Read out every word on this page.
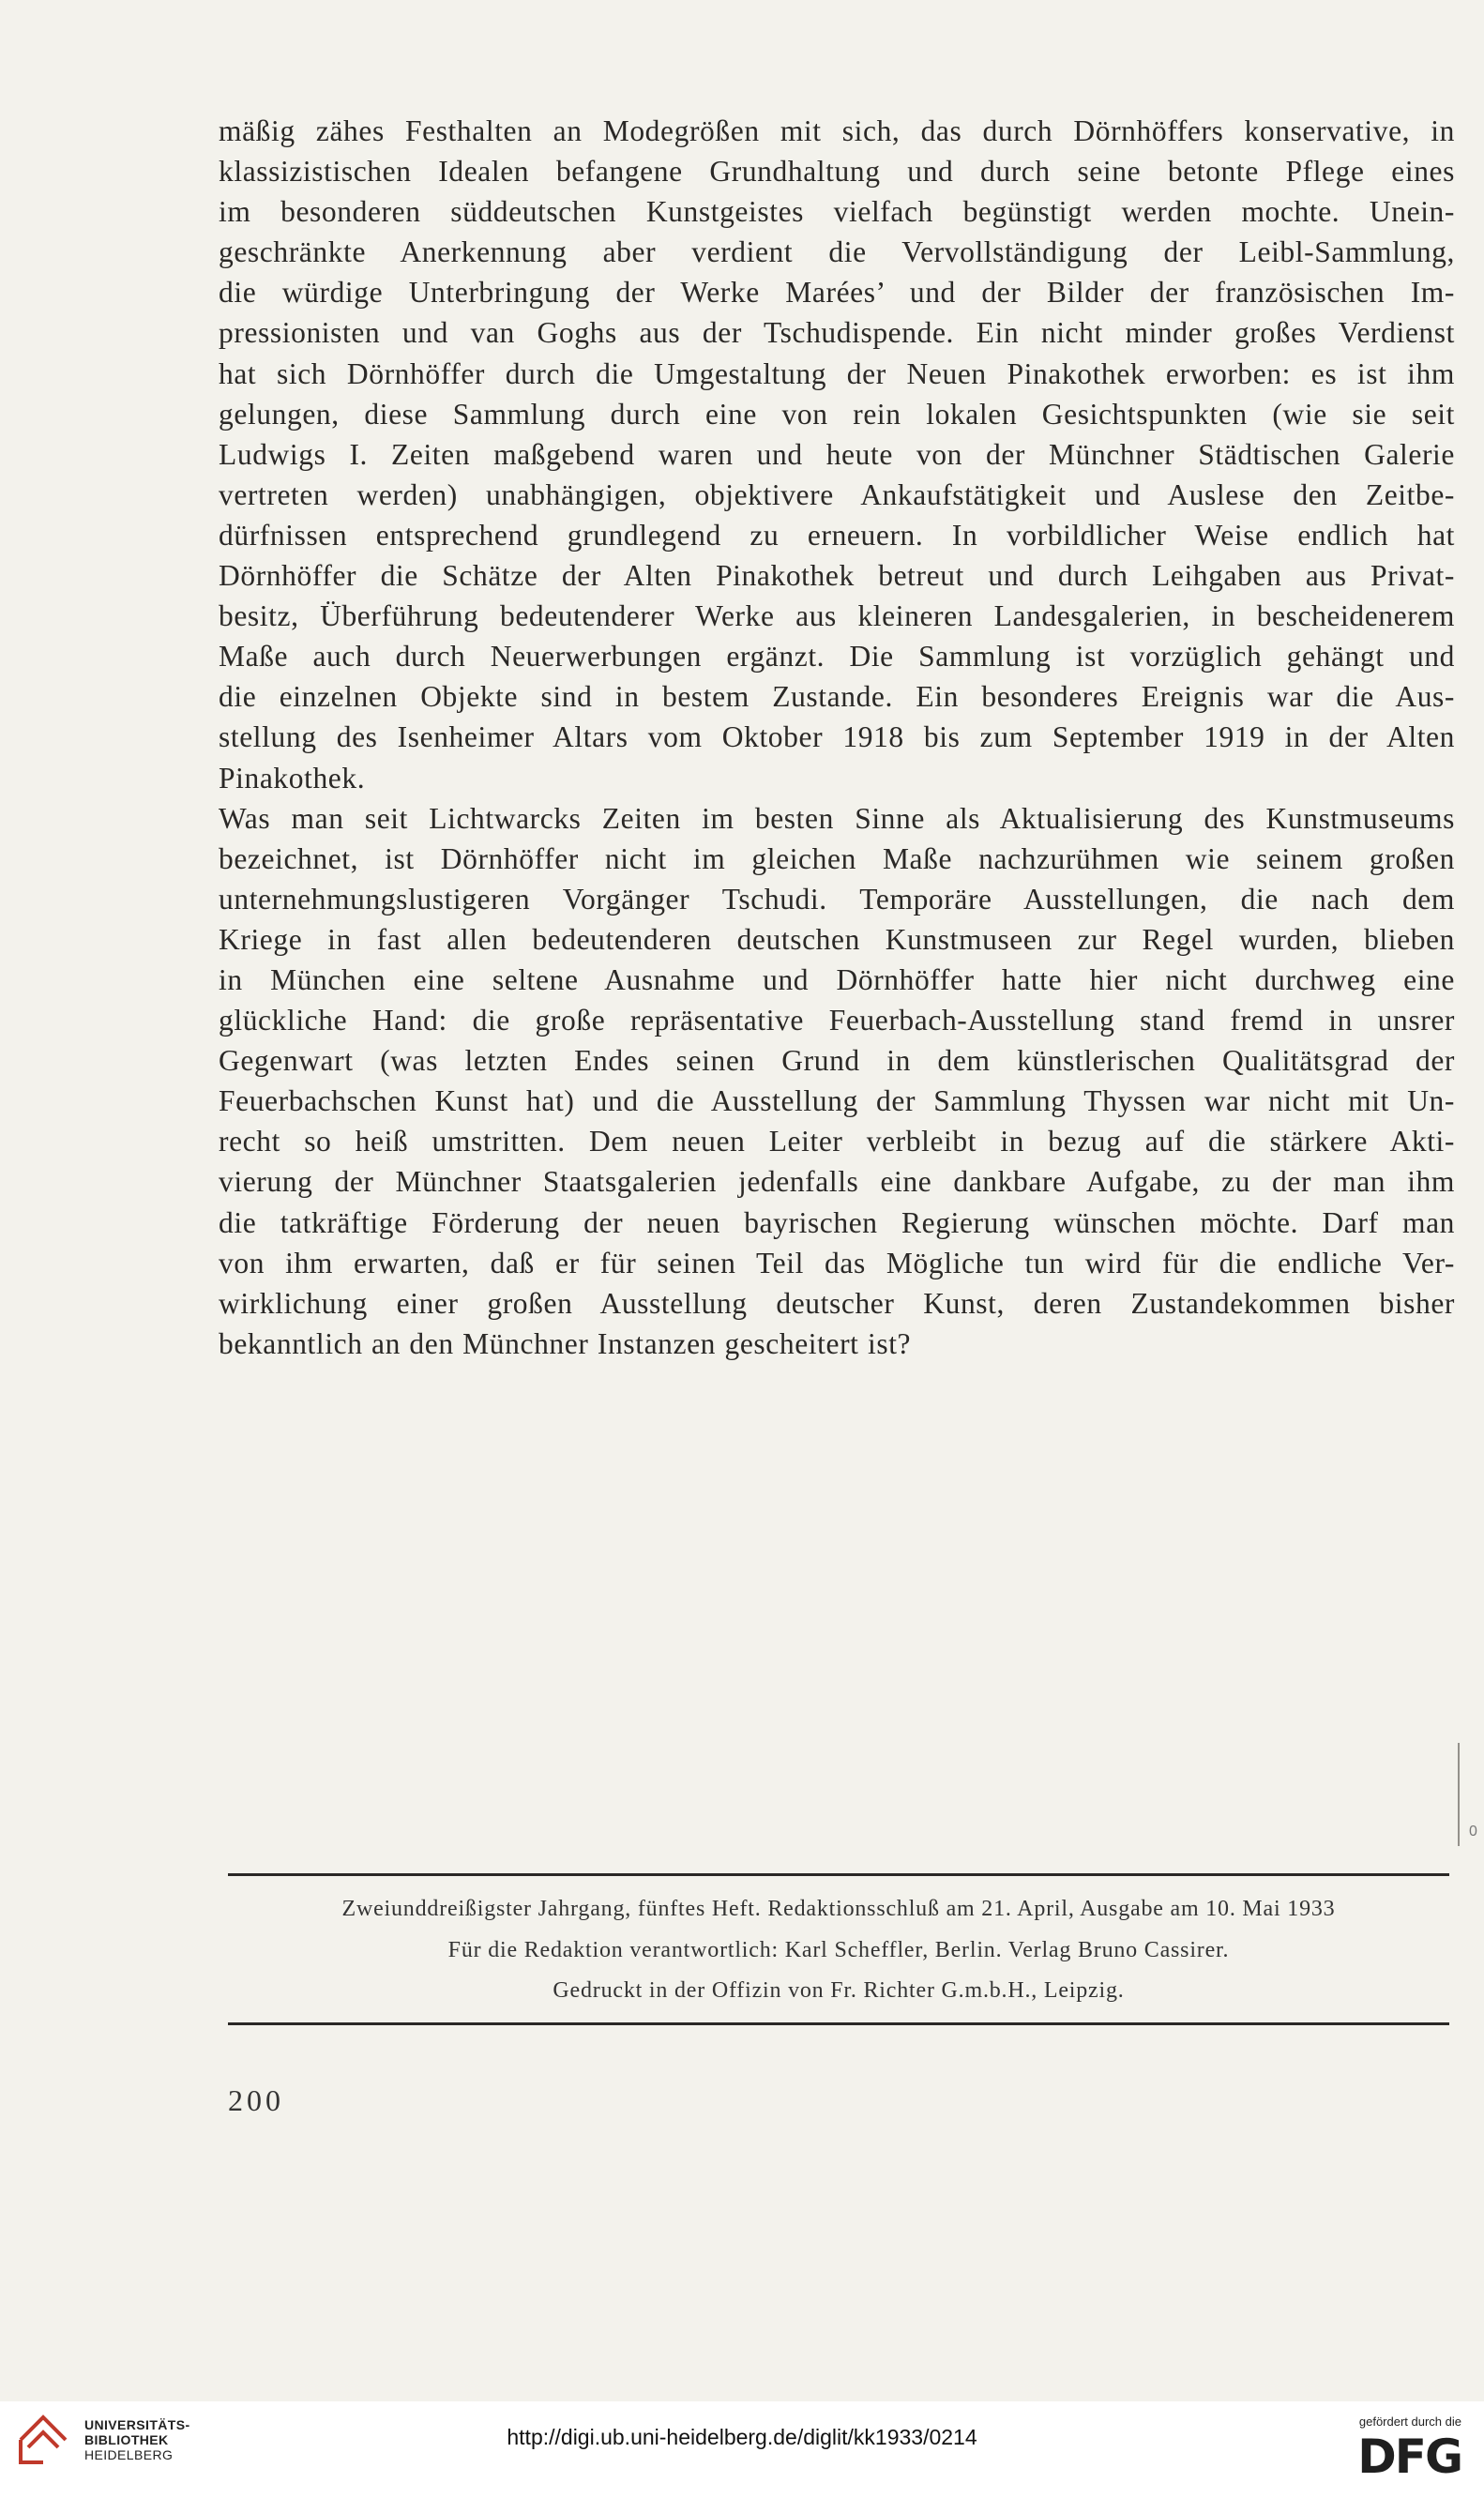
mäßig zähes Festhalten an Modegrößen mit sich, das durch Dörnhöffers konservative, in
klassizistischen Idealen befangene Grundhaltung und durch seine betonte Pflege eines
im besonderen süddeutschen Kunstgeistes vielfach begünstigt werden mochte. Unein-
geschränkte Anerkennung aber verdient die Vervollständigung der Leibl-Sammlung,
die würdige Unterbringung der Werke Marées’ und der Bilder der französischen Im-
pressionisten und van Goghs aus der Tschudispende. Ein nicht minder großes Verdienst
hat sich Dörnhöffer durch die Umgestaltung der Neuen Pinakothek erworben: es ist ihm
gelungen, diese Sammlung durch eine von rein lokalen Gesichtspunkten (wie sie seit
Ludwigs I. Zeiten maßgebend waren und heute von der Münchner Städtischen Galerie
vertreten werden) unabhängigen, objektivere Ankaufstätigkeit und Auslese den Zeitbe-
dürfnissen entsprechend grundlegend zu erneuern. In vorbildlicher Weise endlich hat
Dörnhöffer die Schätze der Alten Pinakothek betreut und durch Leihgaben aus Privat-
besitz, Überführung bedeutenderer Werke aus kleineren Landesgalerien, in bescheidenerem
Maße auch durch Neuerwerbungen ergänzt. Die Sammlung ist vorzüglich gehängt und
die einzelnen Objekte sind in bestem Zustande. Ein besonderes Ereignis war die Aus-
stellung des Isenheimer Altars vom Oktober 1918 bis zum September 1919 in der Alten
Pinakothek.
Was man seit Lichtwarcks Zeiten im besten Sinne als Aktualisierung des Kunstmuseums
bezeichnet, ist Dörnhöffer nicht im gleichen Maße nachzurühmen wie seinem großen
unternehmungslustigeren Vorgänger Tschudi. Temporäre Ausstellungen, die nach dem
Kriege in fast allen bedeutenderen deutschen Kunstmuseen zur Regel wurden, blieben
in München eine seltene Ausnahme und Dörnhöffer hatte hier nicht durchweg eine
glückliche Hand: die große repräsentative Feuerbach-Ausstellung stand fremd in unsrer
Gegenwart (was letzten Endes seinen Grund in dem künstlerischen Qualitätsgrad der
Feuerbachschen Kunst hat) und die Ausstellung der Sammlung Thyssen war nicht mit Un-
recht so heiß umstritten. Dem neuen Leiter verbleibt in bezug auf die stärkere Akti-
vierung der Münchner Staatsgalerien jedenfalls eine dankbare Aufgabe, zu der man ihm
die tatkräftige Förderung der neuen bayrischen Regierung wünschen möchte. Darf man
von ihm erwarten, daß er für seinen Teil das Mögliche tun wird für die endliche Ver-
wirklichung einer großen Ausstellung deutscher Kunst, deren Zustandekommen bisher
bekanntlich an den Münchner Instanzen gescheitert ist?
0
Zweiunddreißigster Jahrgang, fünftes Heft. Redaktionsschluß am 21. April, Ausgabe am 10. Mai 1933
Für die Redaktion verantwortlich: Karl Scheffler, Berlin. Verlag Bruno Cassirer.
Gedruckt in der Offizin von Fr. Richter G.m.b.H., Leipzig.
200
UNIVERSITÄTS-
BIBLIOTHEK
HEIDELBERG
http://digi.ub.uni-heidelberg.de/diglit/kk1933/0214
gefördert durch die
DFG
